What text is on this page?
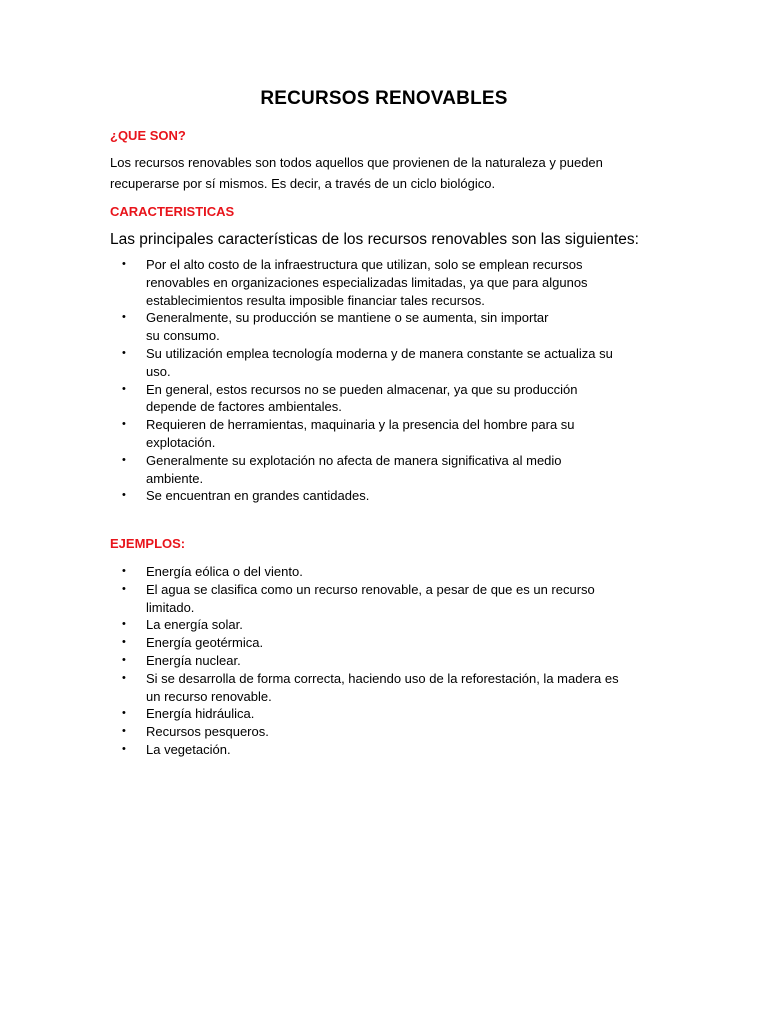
RECURSOS RENOVABLES
¿QUE SON?
Los recursos renovables son todos aquellos que provienen de la naturaleza y pueden
recuperarse por sí mismos. Es decir, a través de un ciclo biológico.
CARACTERISTICAS
Las principales características de los recursos renovables son las siguientes:
• Por el alto costo de la infraestructura que utilizan, solo se emplean recursos
renovables en organizaciones especializadas limitadas, ya que para algunos
establecimientos resulta imposible financiar tales recursos.
• Generalmente, su producción se mantiene o se aumenta, sin importar
su consumo.
• Su utilización emplea tecnología moderna y de manera constante se actualiza su
uso.
• En general, estos recursos no se pueden almacenar, ya que su producción
depende de factores ambientales.
• Requieren de herramientas, maquinaria y la presencia del hombre para su
explotación.
• Generalmente su explotación no afecta de manera significativa al medio
ambiente.
• Se encuentran en grandes cantidades.
EJEMPLOS:
• Energía eólica o del viento.
• El agua se clasifica como un recurso renovable, a pesar de que es un recurso
limitado.
• La energía solar.
• Energía geotérmica.
• Energía nuclear.
• Si se desarrolla de forma correcta, haciendo uso de la reforestación, la madera es
un recurso renovable.
• Energía hidráulica.
• Recursos pesqueros.
• La vegetación.
